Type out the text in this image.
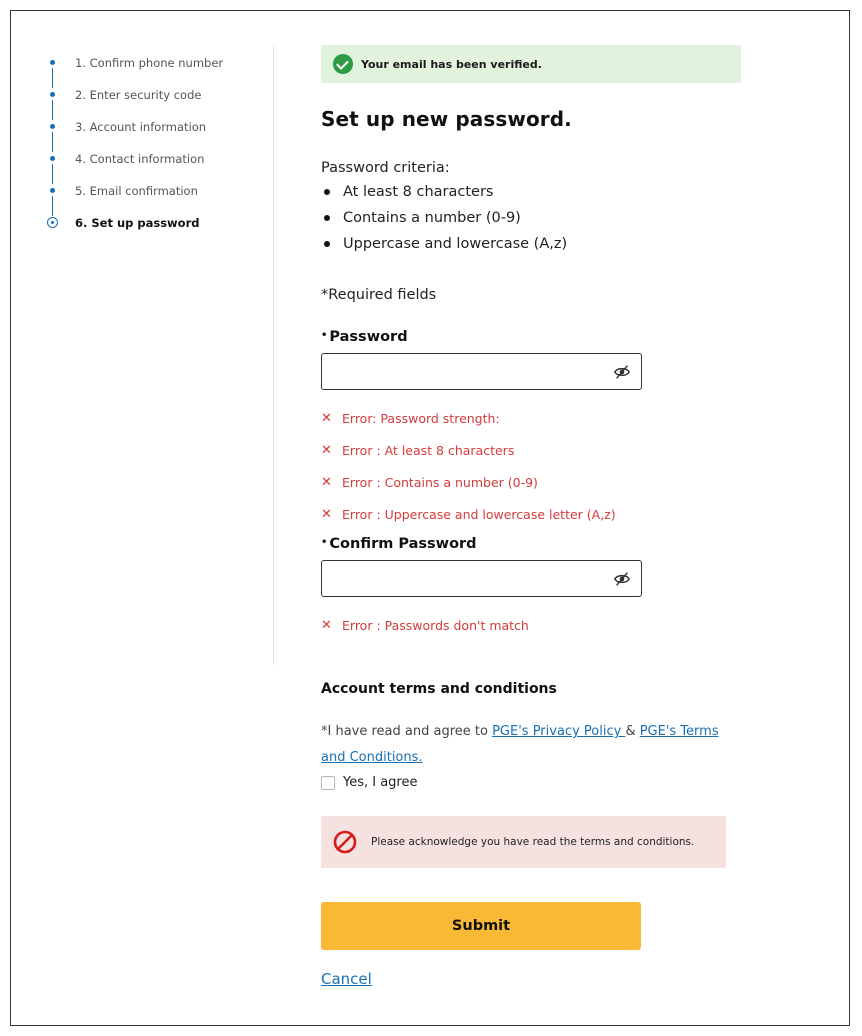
1. Confirm phone number
2. Enter security code
3. Account information
4. Contact information
5. Email confirmation
6. Set up password
Your email has been verified.
Set up new password.
Password criteria:
At least 8 characters
Contains a number (0-9)
Uppercase and lowercase (A,z)
*Required fields
• Password
✕ Error: Password strength:
✕ Error : At least 8 characters
✕ Error : Contains a number (0-9)
✕ Error : Uppercase and lowercase letter (A,z)
• Confirm Password
✕ Error : Passwords don't match
Account terms and conditions
*I have read and agree to PGE's Privacy Policy & PGE's Terms and Conditions.
Yes, I agree
Please acknowledge you have read the terms and conditions.
Submit
Cancel
